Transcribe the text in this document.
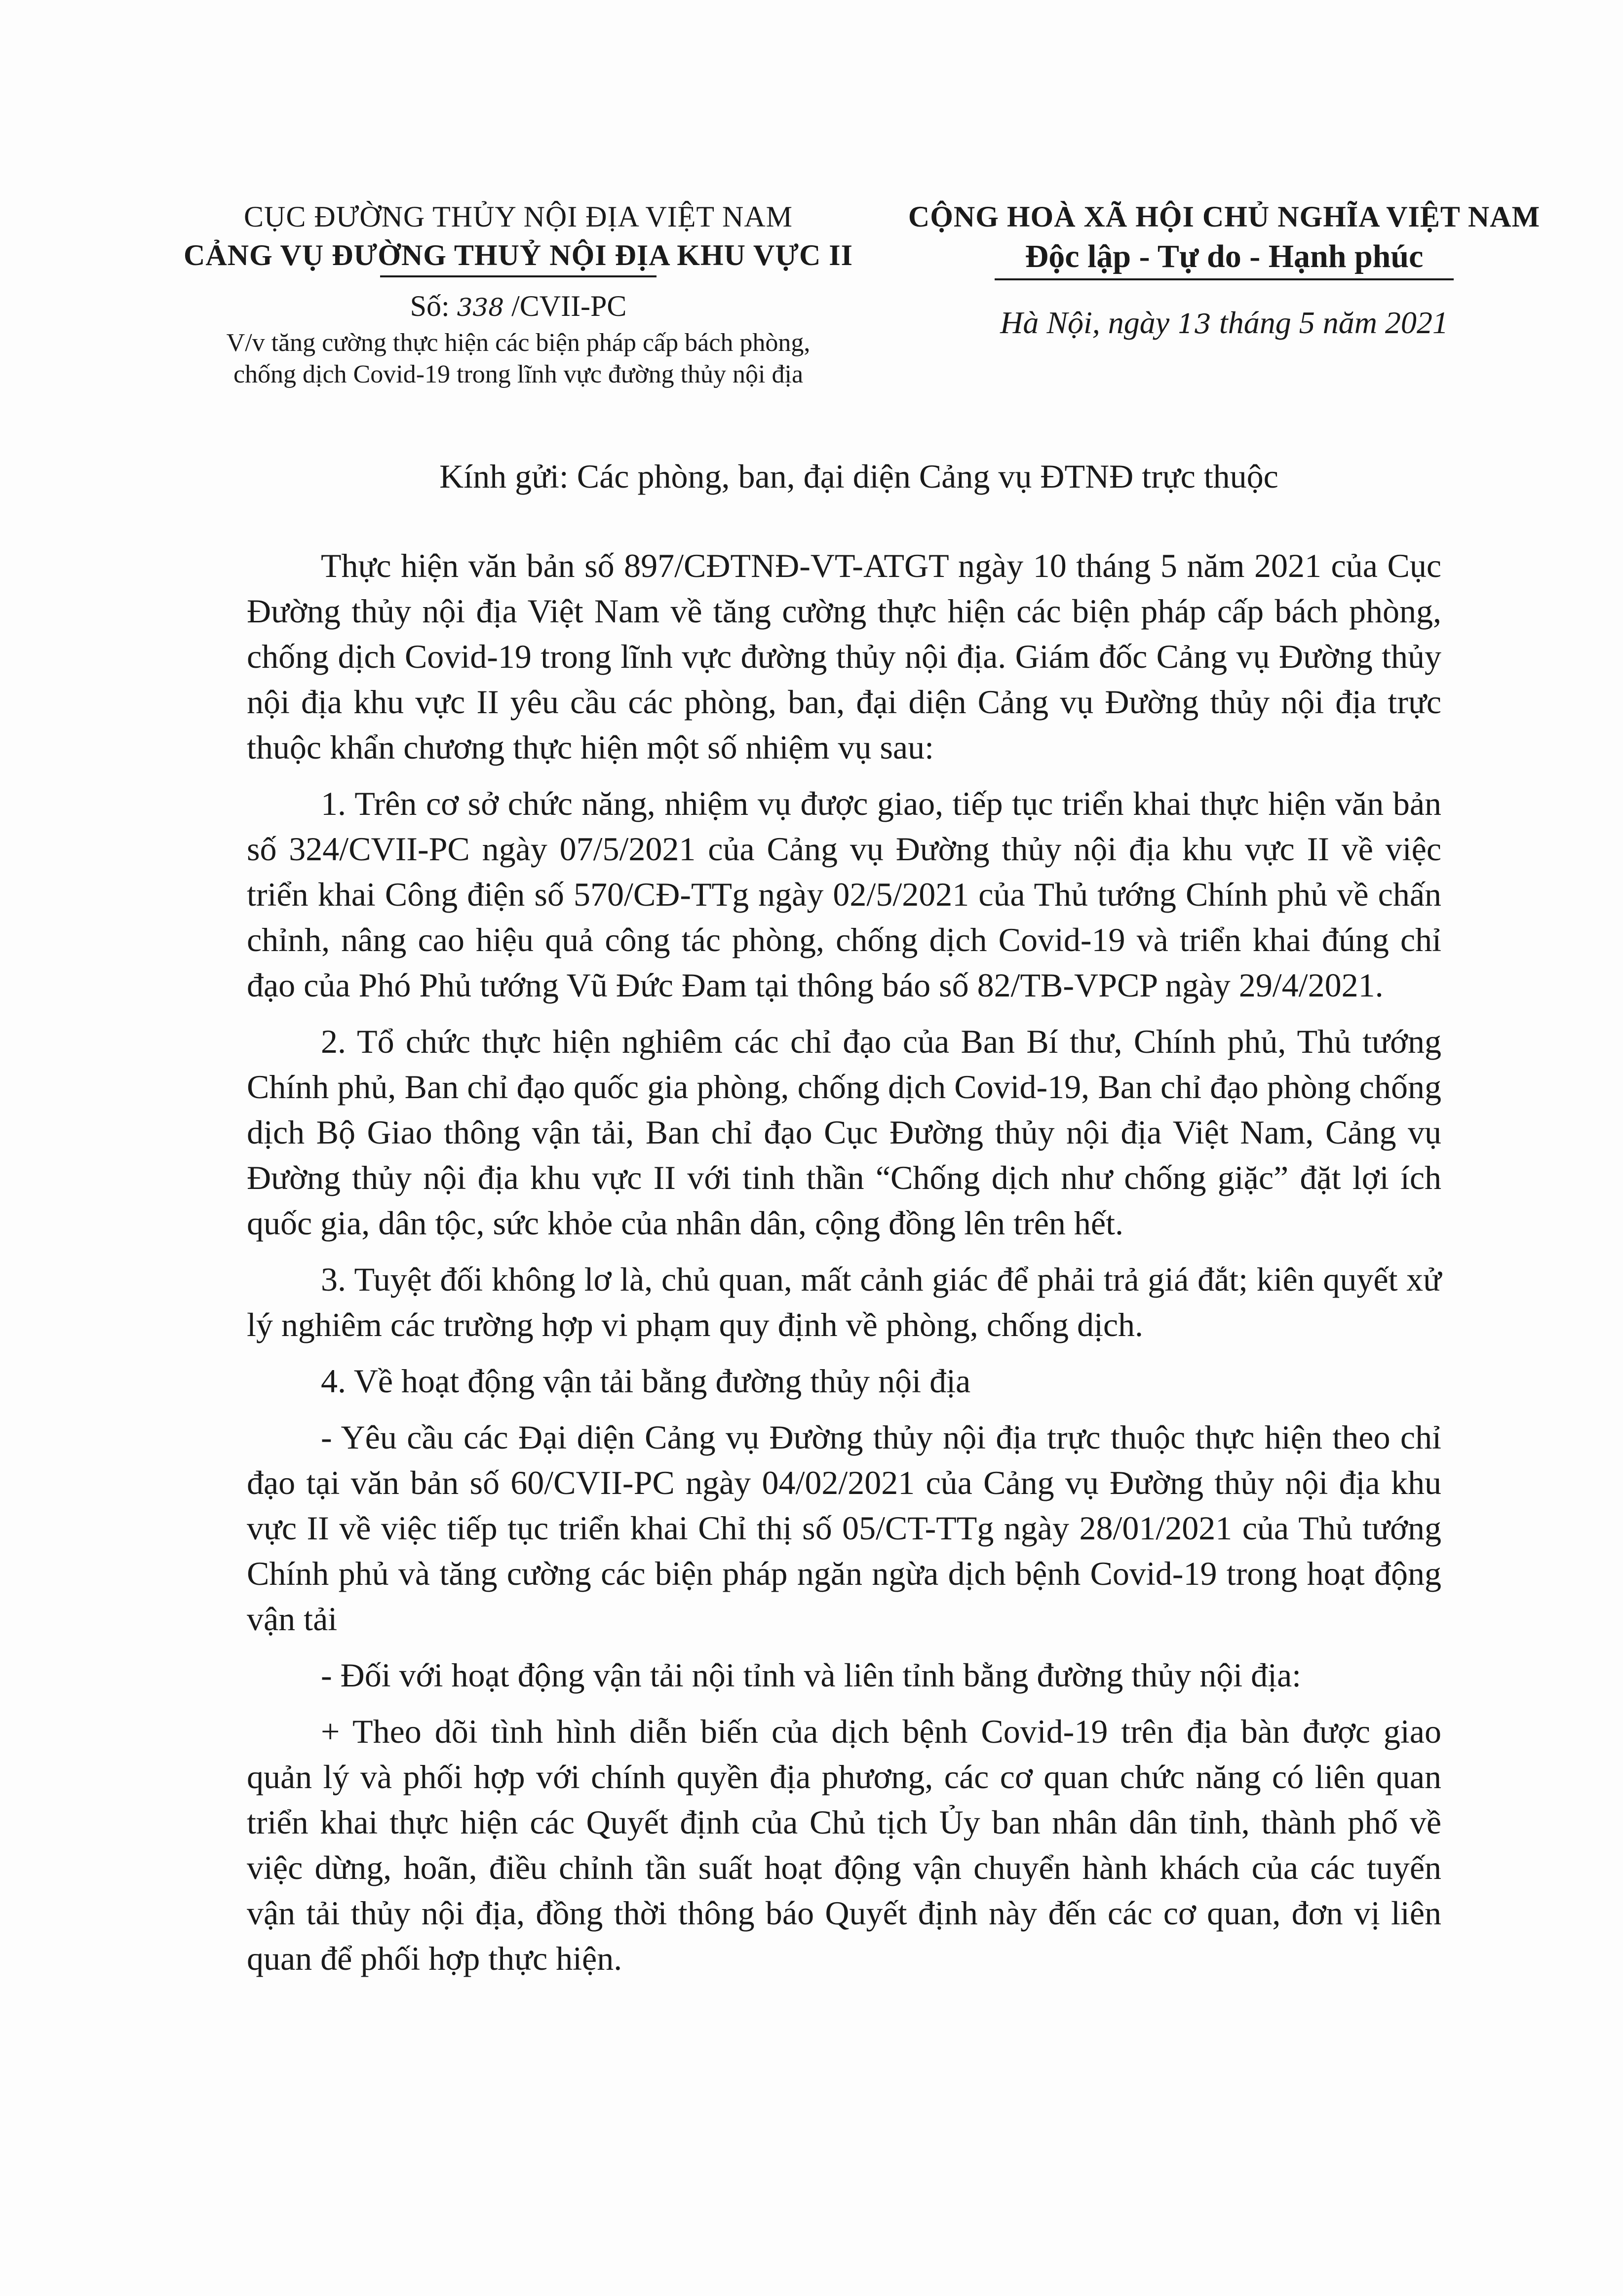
CỤC ĐƯỜNG THỦY NỘI ĐỊA VIỆT NAM
CẢNG VỤ ĐƯỜNG THUỶ NỘI ĐỊA KHU VỰC II
Số: 338 /CVII-PC
V/v tăng cường thực hiện các biện pháp cấp bách phòng,
chống dịch Covid-19 trong lĩnh vực đường thủy nội địa
CỘNG HOÀ XÃ HỘI CHỦ NGHĨA VIỆT NAM
Độc lập - Tự do - Hạnh phúc
Hà Nội, ngày 13 tháng 5 năm 2021
Kính gửi: Các phòng, ban, đại diện Cảng vụ ĐTNĐ trực thuộc

Thực hiện văn bản số 897/CĐTNĐ-VT-ATGT ngày 10 tháng 5 năm 2021 của Cục Đường thủy nội địa Việt Nam về tăng cường thực hiện các biện pháp cấp bách phòng, chống dịch Covid-19 trong lĩnh vực đường thủy nội địa. Giám đốc Cảng vụ Đường thủy nội địa khu vực II yêu cầu các phòng, ban, đại diện Cảng vụ Đường thủy nội địa trực thuộc khẩn chương thực hiện một số nhiệm vụ sau:

1. Trên cơ sở chức năng, nhiệm vụ được giao, tiếp tục triển khai thực hiện văn bản số 324/CVII-PC ngày 07/5/2021 của Cảng vụ Đường thủy nội địa khu vực II về việc triển khai Công điện số 570/CĐ-TTg ngày 02/5/2021 của Thủ tướng Chính phủ về chấn chỉnh, nâng cao hiệu quả công tác phòng, chống dịch Covid-19 và triển khai đúng chỉ đạo của Phó Phủ tướng Vũ Đức Đam tại thông báo số 82/TB-VPCP ngày 29/4/2021.

2. Tổ chức thực hiện nghiêm các chỉ đạo của Ban Bí thư, Chính phủ, Thủ tướng Chính phủ, Ban chỉ đạo quốc gia phòng, chống dịch Covid-19, Ban chỉ đạo phòng chống dịch Bộ Giao thông vận tải, Ban chỉ đạo Cục Đường thủy nội địa Việt Nam, Cảng vụ Đường thủy nội địa khu vực II với tinh thần “Chống dịch như chống giặc” đặt lợi ích quốc gia, dân tộc, sức khỏe của nhân dân, cộng đồng lên trên hết.

3. Tuyệt đối không lơ là, chủ quan, mất cảnh giác để phải trả giá đắt; kiên quyết xử lý nghiêm các trường hợp vi phạm quy định về phòng, chống dịch.

4. Về hoạt động vận tải bằng đường thủy nội địa

- Yêu cầu các Đại diện Cảng vụ Đường thủy nội địa trực thuộc thực hiện theo chỉ đạo tại văn bản số 60/CVII-PC ngày 04/02/2021 của Cảng vụ Đường thủy nội địa khu vực II về việc tiếp tục triển khai Chỉ thị số 05/CT-TTg ngày 28/01/2021 của Thủ tướng Chính phủ và tăng cường các biện pháp ngăn ngừa dịch bệnh Covid-19 trong hoạt động vận tải

- Đối với hoạt động vận tải nội tỉnh và liên tỉnh bằng đường thủy nội địa:

+ Theo dõi tình hình diễn biến của dịch bệnh Covid-19 trên địa bàn được giao quản lý và phối hợp với chính quyền địa phương, các cơ quan chức năng có liên quan triển khai thực hiện các Quyết định của Chủ tịch Ủy ban nhân dân tỉnh, thành phố về việc dừng, hoãn, điều chỉnh tần suất hoạt động vận chuyển hành khách của các tuyến vận tải thủy nội địa, đồng thời thông báo Quyết định này đến các cơ quan, đơn vị liên quan để phối hợp thực hiện.
